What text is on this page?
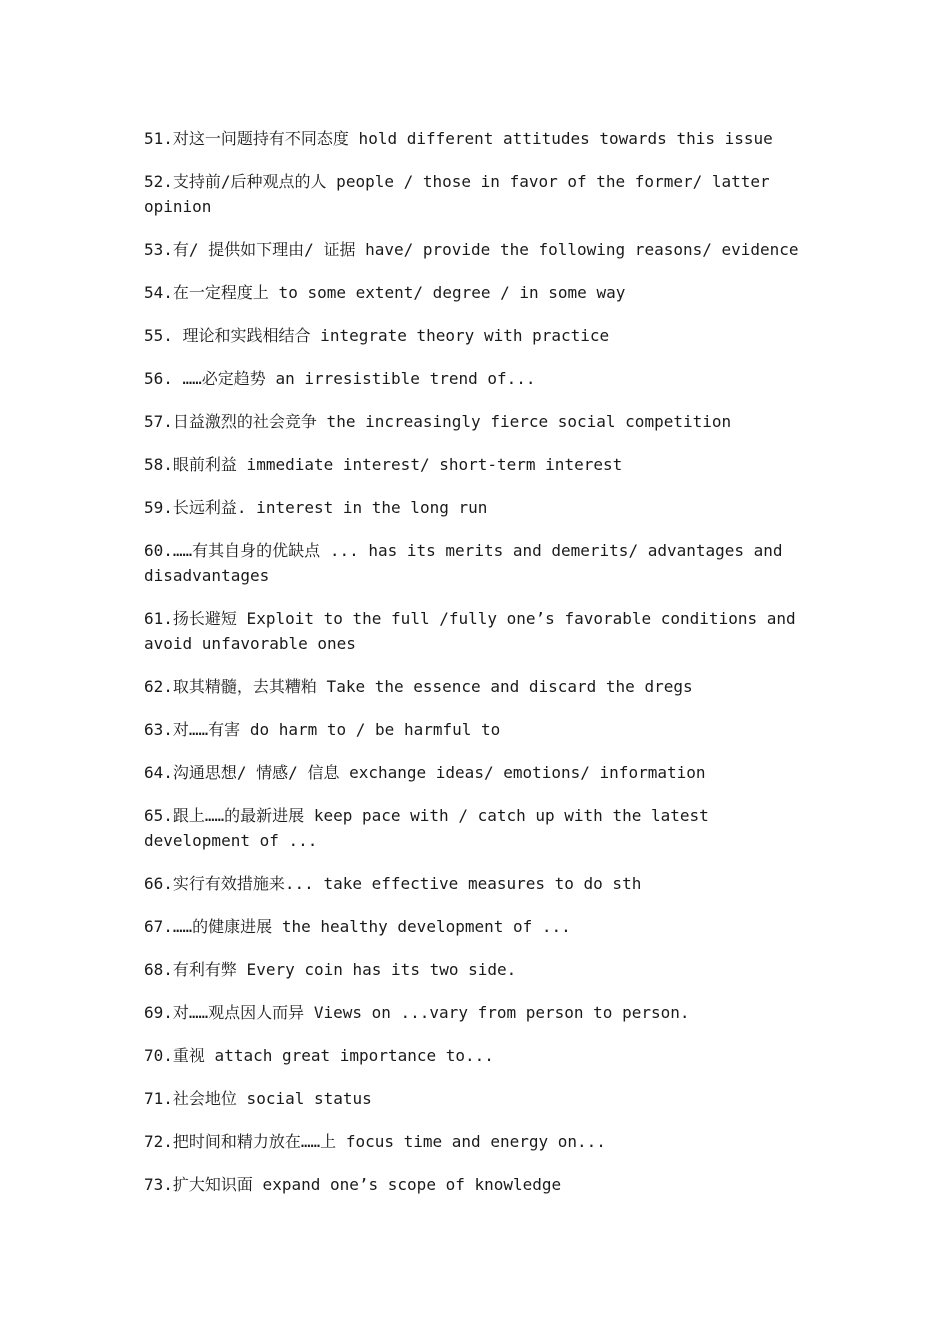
51.对这一问题持有不同态度 hold different attitudes towards this issue

52.支持前/后种观点的人 people / those in favor of the former/ latter opinion

53.有/ 提供如下理由/ 证据 have/ provide the following reasons/ evidence

54.在一定程度上 to some extent/ degree / in some way

55. 理论和实践相结合 integrate theory with practice

56. ……必定趋势 an irresistible trend of...

57.日益激烈的社会竞争 the increasingly fierce social competition

58.眼前利益 immediate interest/ short-term interest

59.长远利益. interest in the long run

60.……有其自身的优缺点 ... has its merits and demerits/ advantages and disadvantages

61.扬长避短 Exploit to the full /fully one’s favorable conditions and avoid unfavorable ones

62.取其精髓，去其糟粕 Take the essence and discard the dregs

63.对……有害 do harm to / be harmful to

64.沟通思想/ 情感/ 信息 exchange ideas/ emotions/ information

65.跟上……的最新进展 keep pace with / catch up with the latest development of ...

66.实行有效措施来... take effective measures to do sth

67.……的健康进展 the healthy development of ...

68.有利有弊 Every coin has its two side.

69.对……观点因人而异 Views on ...vary from person to person.

70.重视 attach great importance to...

71.社会地位 social status

72.把时间和精力放在……上 focus time and energy on...

73.扩大知识面 expand one’s scope of knowledge
